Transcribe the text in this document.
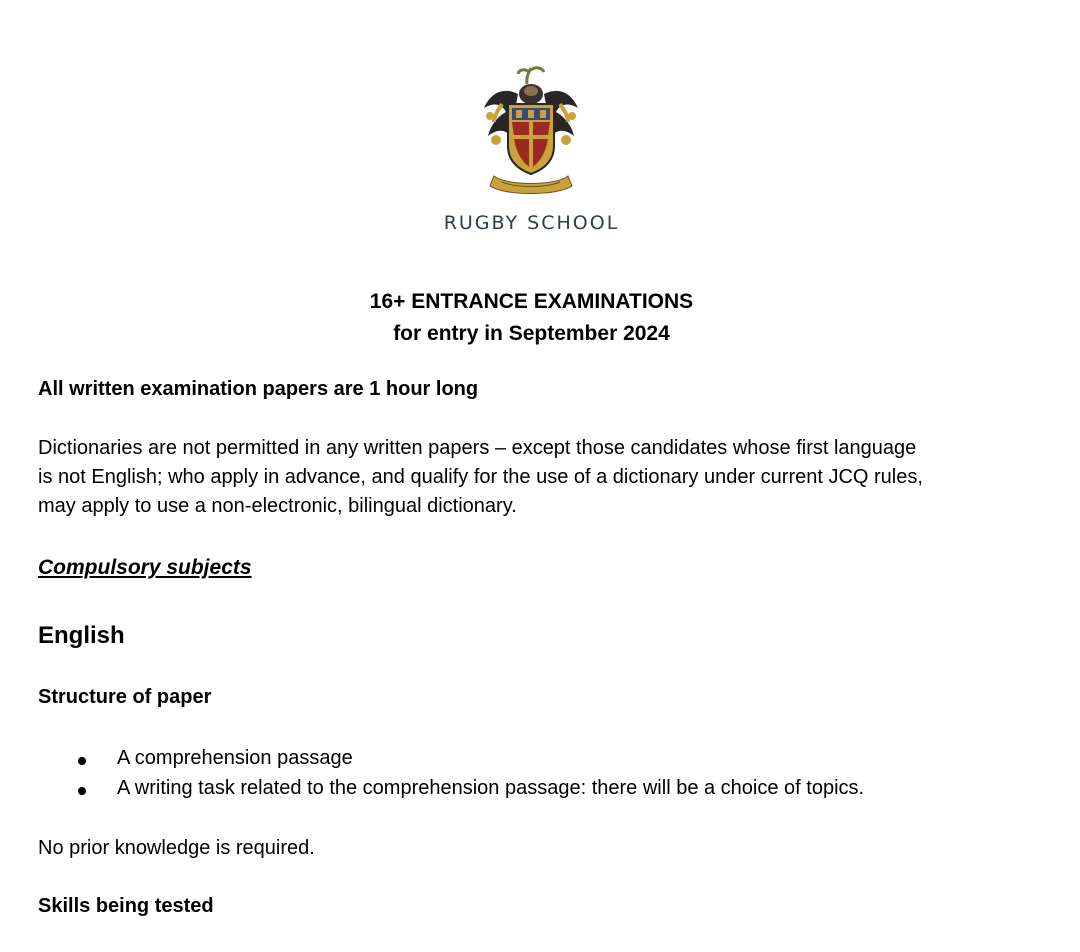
RUGBY SCHOOL
16+ ENTRANCE EXAMINATIONS
for entry in September 2024
All written examination papers are 1 hour long
Dictionaries are not permitted in any written papers – except those candidates whose first language
is not English; who apply in advance, and qualify for the use of a dictionary under current JCQ rules,
may apply to use a non-electronic, bilingual dictionary.
Compulsory subjects
English
Structure of paper
A comprehension passage
A writing task related to the comprehension passage: there will be a choice of topics.
No prior knowledge is required.
Skills being tested
